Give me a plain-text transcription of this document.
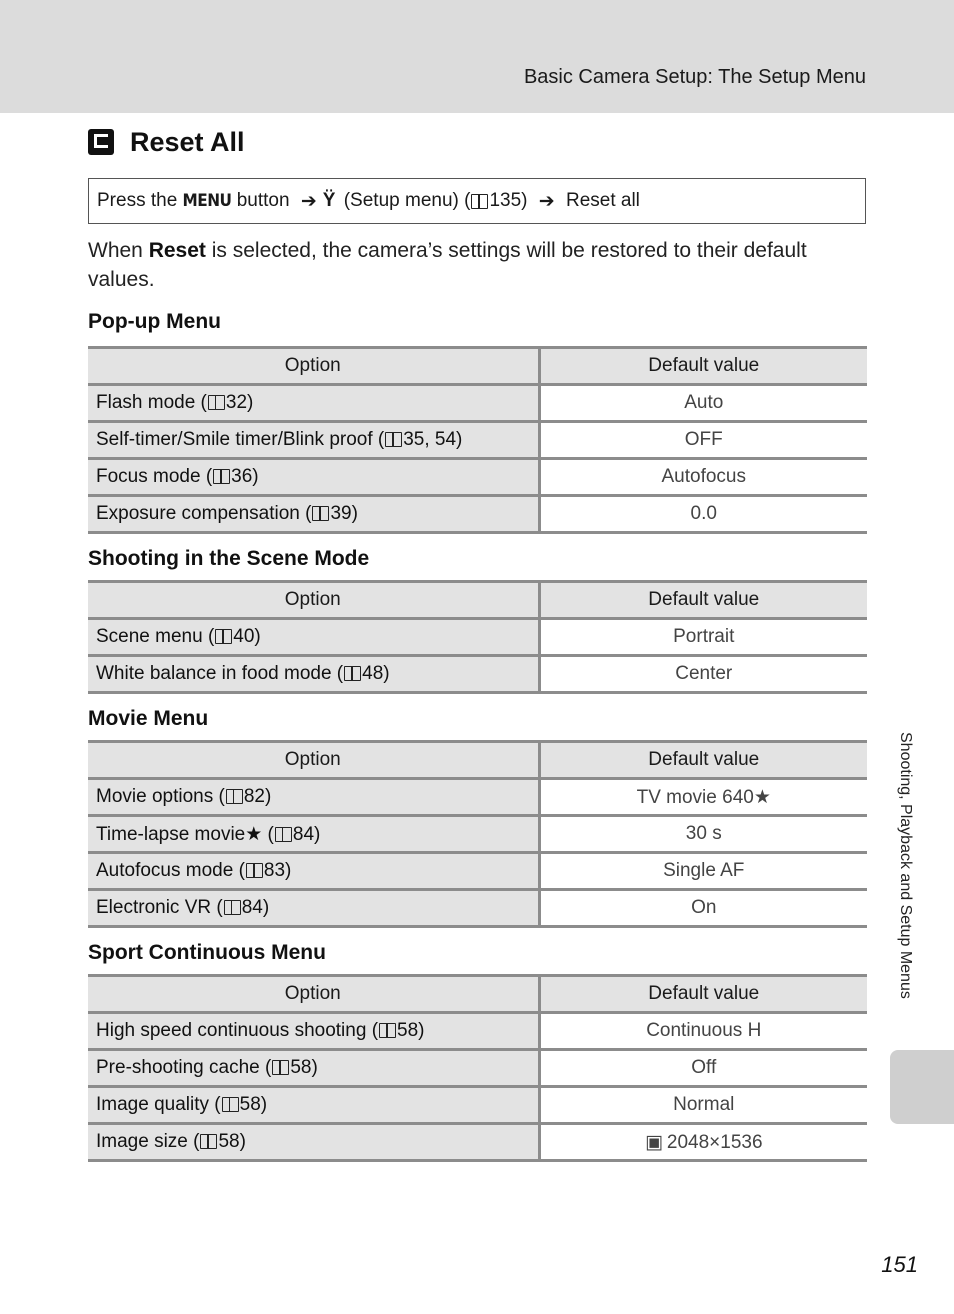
Basic Camera Setup: The Setup Menu
Reset All
Press the MENU button ➔ Ÿ (Setup menu) ( 135 ) ➔ Reset all
When Reset is selected, the camera’s settings will be restored to their default values.
Pop-up Menu
Option	Default value
Flash mode ( 32)	Auto
Self-timer/Smile timer/Blink proof ( 35, 54)	OFF
Focus mode ( 36)	Autofocus
Exposure compensation ( 39)	0.0
Shooting in the Scene Mode
Option	Default value
Scene menu ( 40)	Portrait
White balance in food mode ( 48)	Center
Movie Menu
Option	Default value
Movie options ( 82)	TV movie 640★
Time-lapse movie★ ( 84)	30 s
Autofocus mode ( 83)	Single AF
Electronic VR ( 84)	On
Sport Continuous Menu
Option	Default value
High speed continuous shooting ( 58)	Continuous H
Pre-shooting cache ( 58)	Off
Image quality ( 58)	Normal
Image size ( 58)	▣ 2048×1536
Shooting, Playback and Setup Menus
151
